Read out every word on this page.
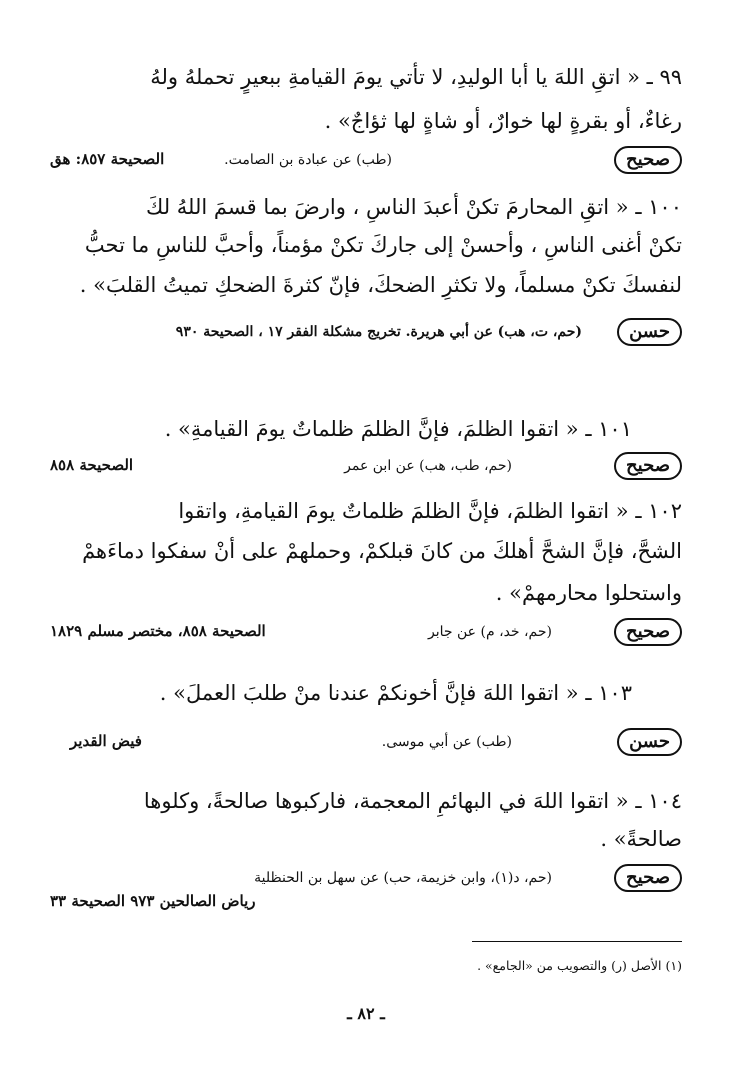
٩٩ ـ « اتقِ اللهَ يا أبا الوليدِ، لا تأتي يومَ القيامةِ ببعيرٍ تحملهُ ولهُ
رغاءٌ، أو بقرةٍ لها خوارٌ، أو شاةٍ لها ثؤاجٌ» .
صحيح
(طب) عن عبادة بن الصامت.
الصحيحة ٨٥٧: هق
١٠٠ ـ « اتقِ المحارمَ تكنْ أعبدَ الناسِ ، وارضَ بما قسمَ اللهُ لكَ
تكنْ أغنى الناسِ ، وأحسنْ إلى جاركَ تكنْ مؤمناً، وأحبَّ للناسِ ما تحبُّ
لنفسكَ تكنْ مسلماً، ولا تكثرِ الضحكَ، فإنّ كثرةَ الضحكِ تميتُ القلبَ» .
حسن
(حم، ت، هب) عن أبي هريرة. تخريج مشكلة الفقر ١٧ ، الصحيحة ٩٣٠
١٠١ ـ « اتقوا الظلمَ، فإنَّ الظلمَ ظلماتٌ يومَ القيامةِ» .
صحيح
(حم، طب، هب) عن ابن عمر
الصحيحة ٨٥٨
١٠٢ ـ « اتقوا الظلمَ، فإنَّ الظلمَ ظلماتٌ يومَ القيامةِ، واتقوا
الشحَّ، فإنَّ الشحَّ أهلكَ من كانَ قبلكمْ، وحملهمْ على أنْ سفكوا دماءَهمْ
واستحلوا محارمهمْ» .
صحيح
(حم، خد، م) عن جابر
الصحيحة ٨٥٨، مختصر مسلم ١٨٢٩
١٠٣ ـ « اتقوا اللهَ فإنَّ أخونكمْ عندنا منْ طلبَ العملَ» .
حسن
(طب) عن أبي موسى.
فيض القدير
١٠٤ ـ « اتقوا اللهَ في البهائمِ المعجمة، فاركبوها صالحةً، وكلوها
صالحةً» .
صحيح
(حم، د(١)، وابن خزيمة، حب) عن سهل بن الحنظلية
رياض الصالحين ٩٧٣ الصحيحة ٣٣
(١) الأصل (ر) والتصويب من «الجامع» .
ـ ٨٢ ـ
